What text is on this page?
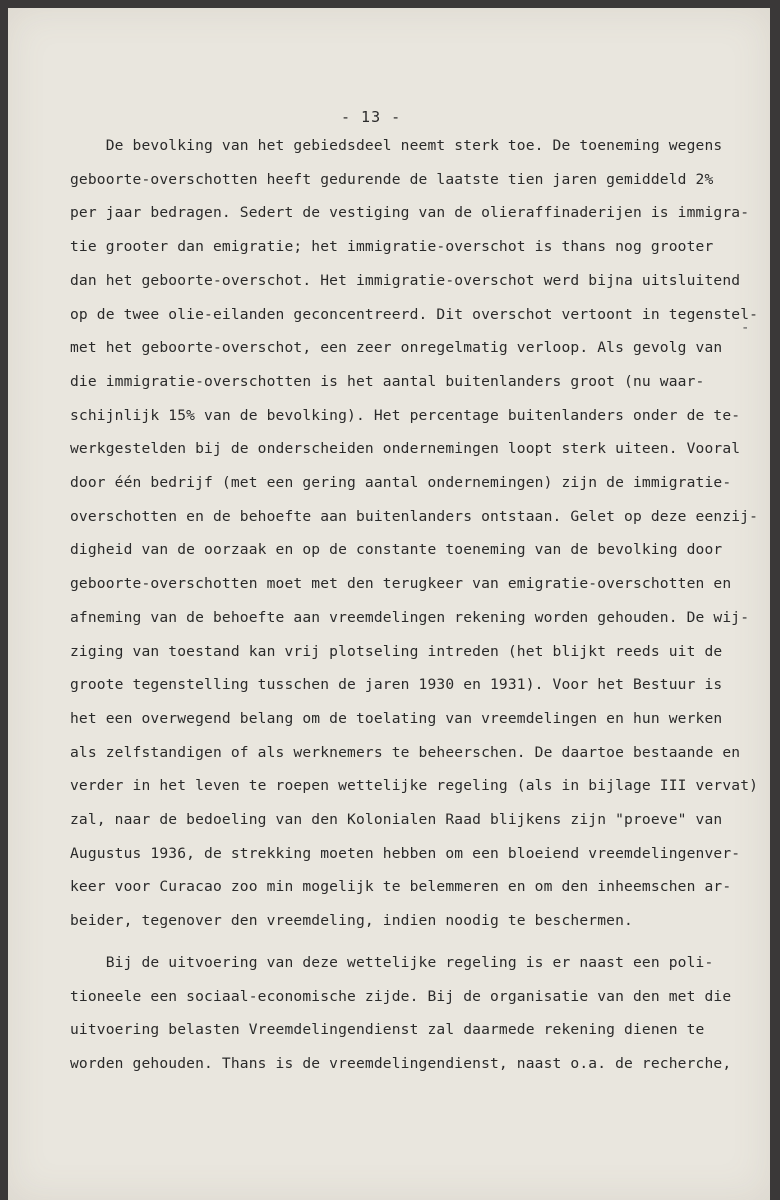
- 13 -
-
De bevolking van het gebiedsdeel neemt sterk toe. De toeneming wegens
geboorte-overschotten heeft gedurende de laatste tien jaren gemiddeld 2%
per jaar bedragen. Sedert de vestiging van de olieraffinaderijen is immigra-
tie grooter dan emigratie; het immigratie-overschot is thans nog grooter
dan het geboorte-overschot. Het immigratie-overschot werd bijna uitsluitend
op de twee olie-eilanden geconcentreerd. Dit overschot vertoont in tegenstel-
met het geboorte-overschot, een zeer onregelmatig verloop. Als gevolg van
die immigratie-overschotten is het aantal buitenlanders groot (nu waar-
schijnlijk 15% van de bevolking). Het percentage buitenlanders onder de te-
werkgestelden bij de onderscheiden ondernemingen loopt sterk uiteen. Vooral
door één bedrijf (met een gering aantal ondernemingen) zijn de immigratie-
overschotten en de behoefte aan buitenlanders ontstaan. Gelet op deze eenzij-
digheid van de oorzaak en op de constante toeneming van de bevolking door
geboorte-overschotten moet met den terugkeer van emigratie-overschotten en
afneming van de behoefte aan vreemdelingen rekening worden gehouden. De wij-
ziging van toestand kan vrij plotseling intreden (het blijkt reeds uit de
groote tegenstelling tusschen de jaren 1930 en 1931). Voor het Bestuur is
het een overwegend belang om de toelating van vreemdelingen en hun werken
als zelfstandigen of als werknemers te beheerschen. De daartoe bestaande en
verder in het leven te roepen wettelijke regeling (als in bijlage III vervat)
zal, naar de bedoeling van den Kolonialen Raad blijkens zijn "proeve" van
Augustus 1936, de strekking moeten hebben om een bloeiend vreemdelingenver-
keer voor Curacao zoo min mogelijk te belemmeren en om den inheemschen ar-
beider, tegenover den vreemdeling, indien noodig te beschermen.
Bij de uitvoering van deze wettelijke regeling is er naast een poli-
tioneele een sociaal-economische zijde. Bij de organisatie van den met die
uitvoering belasten Vreemdelingendienst zal daarmede rekening dienen te
worden gehouden. Thans is de vreemdelingendienst, naast o.a. de recherche,
